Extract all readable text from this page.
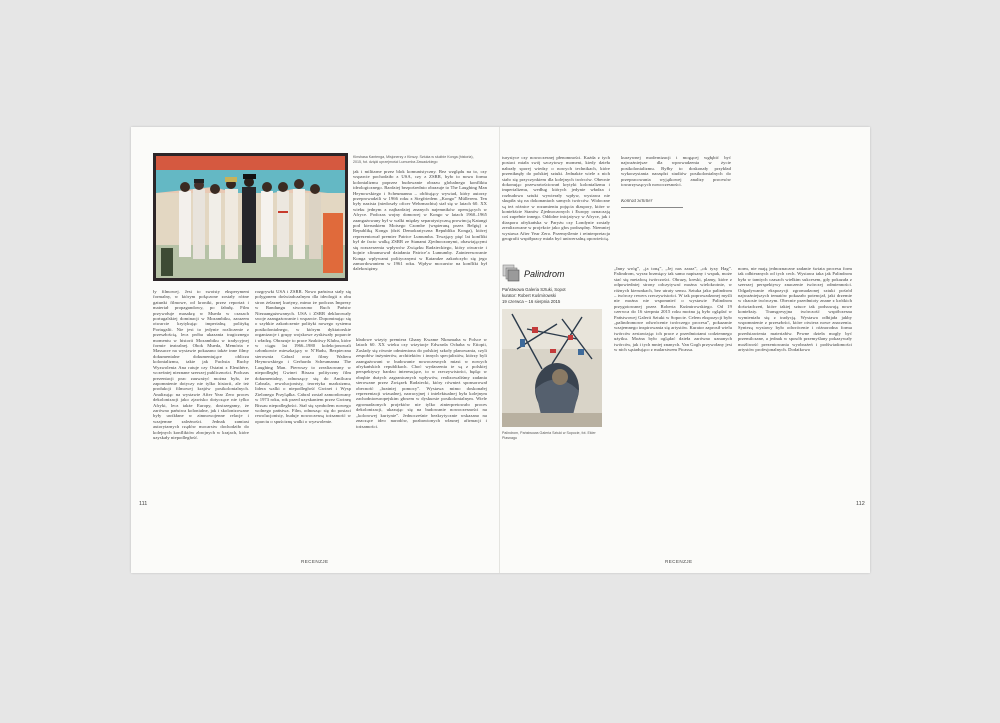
Kinshasa Kantenga, Misjonerzy z Kinszy. Sztuka w służbie Konga (historia), 2015, fot. dzięki uprzejmości Lumumba Zawadzkiego
jak i militarne przez blok komunistyczny. Bez względu na to, czy wsparcie pochodziło z USA, czy z ZSRR, było to nowa forma kolonializmu poprzez budowanie obrazu globalnego konfliktu ideologicznego. Bardziej bezpośrednio obrazuje to The Laughing Man Heynowskiego i Scheumanna – obfitujący wywiad, który autorzy przeprowadzili w 1966 roku z Siegfriedem „Kongo” Müllerem. Ten były nazista (niedoszły oficer Wehrmachtu) stał się w latach 60. XX wieku jednym z najbardziej znanych najemników operujących w Afryce. Podczas wojny domowej w Kongo w latach 1960–1965 zaangażowany był w walki między separatystyczną prowincją Katangi pod kierunkiem Moisego Czombe (wspieraną przez Belgię) a Republiką Konga (dziś Demokratyczna Republika Konga), której reprezentował premier Patrice Lumumba. Trwający pięć lat konflikt był de facto walką ZSRR ze Stanami Zjednoczonymi, obawiającymi się rozszerzenia wpływów Związku Radzieckiego, który otwarcie i hojnie sfinansował działania Patrice’a Lumumby. Zainteresowanie Konga wpływami politycznymi w Katandze zakończyło się jego zamordowaniem w 1961 roku. Wpływ mocarstw na konflikt był dalekosiężny.
ły filmowej. Jest to swoisty eksperyment formalny, w którym połączone zostały różne gatunki filmowe, od kroniki, przez reportaż i materiał propagandowy, po fabułę. Film przywołuje masakrę w Mueda w czasach portugalskiej dominacji w Mozambiku, zarazem otwarcie krytykując imperialną politykę Portugalii. Nie jest to jedynie rozliczenie z przeszłością, lecz próba ukazania tragicznego momentu w historii Mozambiku w tradycyjnej formie teatralnej. Obok Mueda, Memória e Massacre na wystawie pokazano także inne filmy dokumentalne dokumentujące oblicza kolonializmu, takie jak Fuchsia Ruchy Wyzwolenia Ana ratuje czy Ostatni z Eleuthère, wcześniej nieznane szerszej publiczności. Podczas prezentacji prac zauważyć można było, że zapomnienie dotyczy nie tylko historii, ale też produkcji filmowej krajów postkolonialnych. Analizując na wystawie After Year Zero proces dekolonizacji jako zjawisko dotyczące nie tylko Afryki, lecz także Europy, dostrzegamy, że zarówno państwa kolonialne, jak i skolonizowane były uwikłane w zimnowojenne relacje i wzajemne zależności. Jednak zamiast autorytarnych rządów mocarstw dochodziło do kolejnych konfliktów zbrojnych w krajach, które uzyskały niepodległość.
rozgrywki USA i ZSRR. Nowo państwa stały się polygonem doświadczalnym dla ideologii z obu stron żelaznej kurtyny, mimo że podczas Imprezy w Bandungu stworzono Ruch Państw Niezaangażowanych. USA i ZSRR deklarowały swoje zaangażowanie i wsparcie. Dopominając się o szybkie zakończenie polityki nowego systemu postkolonialnego, w którym dyktatorskie organizacje i grupy wojskowe zyskiwały poparcie i władzę. Obrazuje to prace Szaktiwy Klubu, które w ciągu lat 1966–1980 kolekcjonowali członkowie mieszkający w N’Hadu, Bezpieczna sterownia Cabral oraz filmy Waltera Heynowskiego i Gerharda Scheumanna The Laughing Man. Pierwszy to zrealizowany w niepodległej Gwinei Bissau polityczny film dokumentalny, odnoszący się do Amílcara Cabrala, rewolucjonisty, teoretyka marksizmu, lidera walki o niepodległość Gwinei i Wysp Zielonego Przylądka. Cabral został zamordowany w 1973 roku, rok przed uzyskaniem przez Gwineę Bissau niepodległości. Stał się symbolem nowego wolnego państwa. Film, odnosząc się do postaci rewolucjonisty, buduje nowoczesną tożsamość w oparciu o spuściznę walki o wyzwolenie.
kładowe wizyty premiera Ghany Kwame Nkrumaha w Polsce w latach 60. XX wieku czy wizytacje Edwarda Ochaba w Etiopii, Zaslady się równie odmieniona do polskiej szkoły planowania, czyli zespołów inżynierów, architektów i innych specjalistów, którzy byli zaangażowani w budowanie nowoczesnych miast w nowych afrykańskich republikach. Choć wydarzenia te są z polskiej perspektywy bardzo interesujące, to w rzeczywistości, będąc w obrębie dużych zagranicznych wpływów, realizowaliśmy zadania sterowane przez Związek Radziecki, który również sponsorował obecność „bratniej pomocy”. Wystawa mimo doskonałej reprezentacji wizualnej, narracyjnej i intelektualnej była kolejnym zachodnioeuropejskim głosem w dyskursie postkolonialnym. Wiele zgromadzonych projektów nie tylko zinterpretowało proces dekolonizacji, ukazując się na budowanie nowoczesności na „kolorowej kurtynie”. Jednocześnie bezkrytycznie wskazano na znaczące ideo narodów, pozbawionych własnej afirmacji i tożsamości.
111
RECENZJE
turystyce czy nowoczesnej płenomności. Każda z tych postaci miała swój szczytowy moment, kiedy dzieła nabrały sporej wiedzy o nowych technikach, które przeniknęły do polskiej sztuki. Jednakże wiele z nich stało się przyczynkiem dla kolejnych twórców. Obecnie dokonując przewartościowań krytyki kolonializmu i imperializmu, według których jedynie władza i rozbudowa sztuki wywierały wpływ, wystawa nie skupiła się na dokonaniach samych twórców. Widoczne są też różnice w rozumieniu pojęcia diaspory, które w kontekście Stanów Zjednoczonych i Europy oznaczają coś zupełnie innego. Oddolne inicjatywy w Afryce, jak i diaspora afrykańska w Paryżu czy Londynie zostały zrealizowane w projekcie jako głos podrzędny. Niemniej wystawa After Year Zero. Przemyślenie i reinterpretacja geografii współpracy miała być uniwersalną opowieścią.
kurzywnej modernizacji i mogącej wgłębić być najważniejsze dla wprowadzenia w życie postkolonializmu. Byłby to doskonały przykład wykorzystania narzędzi studiów postkolonialnych do przepracowania wyjątkowej analizy procesów towarzyszących nowoczesności.
Konrad Schiller
Palindrom
Państwowa Galeria Sztuki, Sopot
kurator: Robert Kuśmirowski
19 czerwca – 16 sierpnia 2015
Palindrom, Państwowa Galeria Sztuki w Sopocie, fot. Ekler Piasnagu
„Inny wróg”, „ja toną”, „Jej nas zaraz”, „ok tyxy Hag”. Palindrom, wyraz brzmiący tak samo napisany i wspak, może stać się metaforą twórczości. Obrazy, kreski, plamy, które z odpowiedniej strony odczytywać można wielokrotnie, w różnych kierunkach, bez utraty sensu. Sztuka jako palindrom – twórczy rewers rzeczywistości. W tak poprowadzonej myśli nie można nie wspomnieć o wystawie Palindrom przygotowanej przez Roberta Kuśmirowskiego. Od 19 czerwca do 16 sierpnia 2015 roku można ją było oglądać w Państwowej Galerii Sztuki w Sopocie. Celem ekspozycji było „palindromowe odwrócenie twórczego procesu”, pokazanie wzajemnego inspirowania się artystów. Kurator zaprosił wielu twórców zestawiając ich prace z przedmiotami codziennego użytku. Można było oglądać dzieła zarówno uznanych twórców, jak i tych mniej znanych. Van Gogh przywołany jest w nich sąsiadująco z malarstwem Picassa.
norm, nie mają jednoznaczne zadanie świata procesu form tak odbieranych od tych cech. Wystawa taka jak Palindrom była w tamtych czasach wielkim sukcesem, gdy pokazała z szerszej perspektywy znaczenie twórczej odmienności. Odgadywanie ekspozycji zgromadzonej sztuki pośród najważniejszych tematów pokazało potencjał, jaki drzemie w chaosie twórczym. Obecnie przedmioty znane z krótkich doświadczeń, które takiej sztuce tak podsuwają nowe konteksty. Transgresyjna twórczość współczesna wymieniała się z tradycją. Wystawa odbijała jakby wspomnienie z przeszłości, które otwiera nowe znaczenia. Syntezą wystawy było odwrócenie i różnorodna forma przedstawienia materiałów. Pewne dzieła mogły być przemilczane, a jednak w sposób przemyślany pokazywały możliwość prezentowania wyobrażeń i podświadomości artystów profesjonalnych. Dodatkowo
112
RECENZJE
